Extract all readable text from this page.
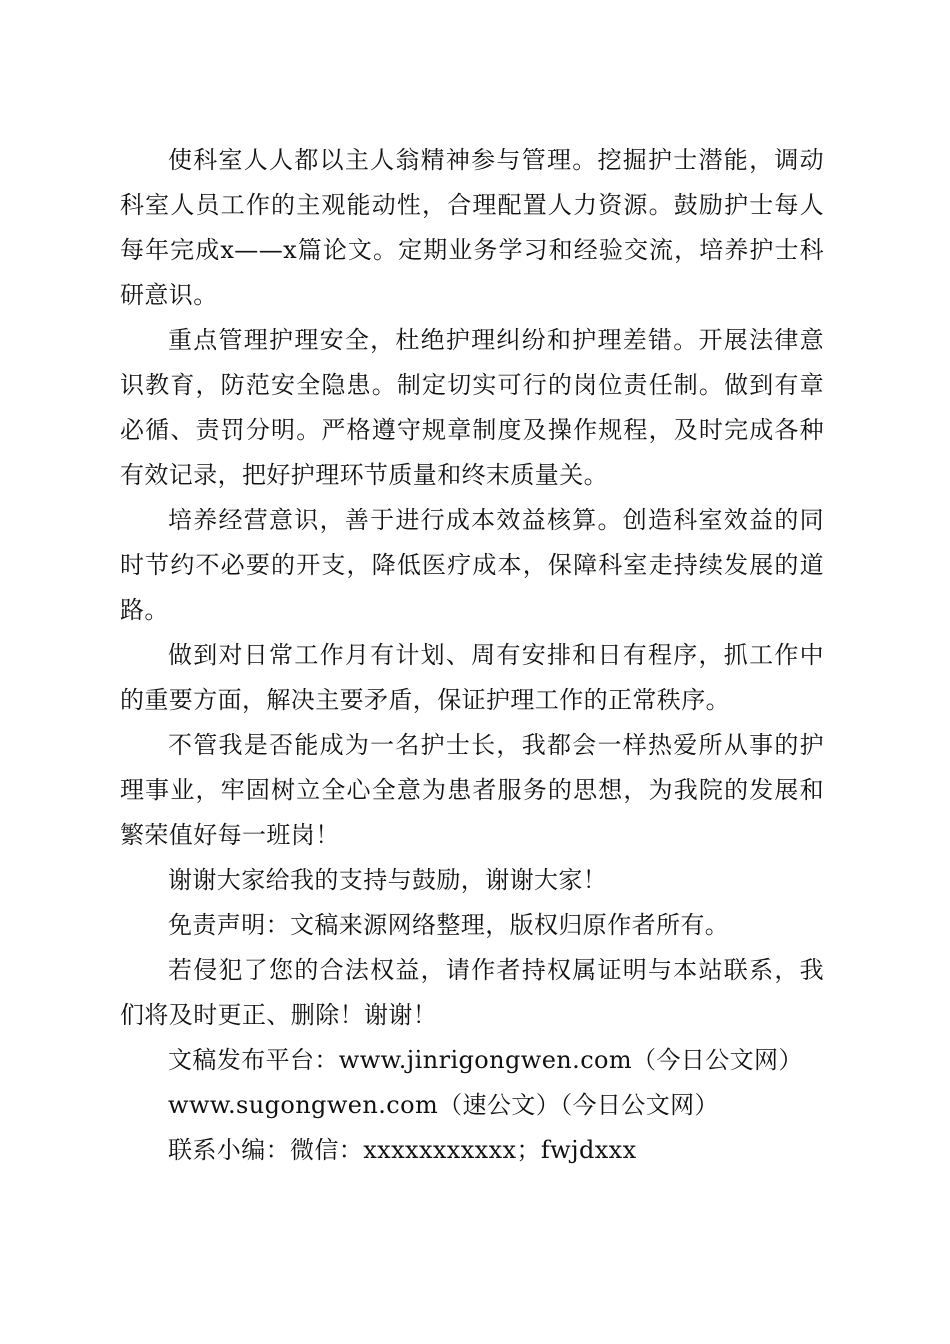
使科室人人都以主人翁精神参与管理。挖掘护士潜能，调动科室人员工作的主观能动性，合理配置人力资源。鼓励护士每人每年完成x——x篇论文。定期业务学习和经验交流，培养护士科研意识。

重点管理护理安全，杜绝护理纠纷和护理差错。开展法律意识教育，防范安全隐患。制定切实可行的岗位责任制。做到有章必循、责罚分明。严格遵守规章制度及操作规程，及时完成各种有效记录，把好护理环节质量和终末质量关。

培养经营意识，善于进行成本效益核算。创造科室效益的同时节约不必要的开支，降低医疗成本，保障科室走持续发展的道路。

做到对日常工作月有计划、周有安排和日有程序，抓工作中的重要方面，解决主要矛盾，保证护理工作的正常秩序。

不管我是否能成为一名护士长，我都会一样热爱所从事的护理事业，牢固树立全心全意为患者服务的思想，为我院的发展和繁荣值好每一班岗！

谢谢大家给我的支持与鼓励，谢谢大家！

免责声明：文稿来源网络整理，版权归原作者所有。

若侵犯了您的合法权益，请作者持权属证明与本站联系，我们将及时更正、删除！谢谢！

文稿发布平台：www.jinrigongwen.com（今日公文网）

www.sugongwen.com（速公文）（今日公文网）

联系小编：微信：xxxxxxxxxxx；fwjdxxx
